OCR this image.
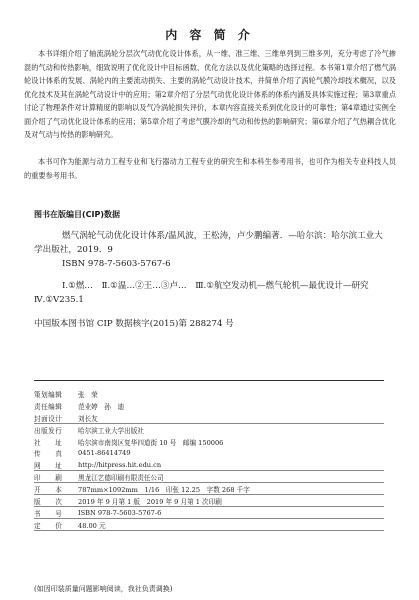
内 容 简 介
本书详细介绍了轴流涡轮分层次气动优化设计体系，从一维、准三维、三维单列到三维多列，充分考虑了冷气掺混的气动和传热影响，细致说明了优化设计中目标函数、优化方法以及优化策略的选择过程。本书第1章介绍了燃气涡轮设计体系的发展、涡轮内的主要流动损失、主要的涡轮气动设计技术，并简单介绍了涡轮气膜冷却技术概况，以及优化技术及其在涡轮气动设计中的应用；第2章介绍了分层气动优化设计体系的体系内涵及具体实施过程；第3章重点讨论了物理条件对计算精度的影响以及气冷涡轮损失评价，本章内容直接关系到优化设计的可靠性；第4章通过实例全面介绍了气动优化设计体系的应用；第5章介绍了考虑气膜冷却的气动和传热的影响研究；第6章介绍了气热耦合优化及对气动与传热的影响研究。
本书可作为能源与动力工程专业和飞行器动力工程专业的研究生和本科生参考用书，也可作为相关专业科技人员的重要参考用书。
图书在版编目(CIP)数据
燃气涡轮气动优化设计体系/温风波，王松涛，卢少鹏编著．—哈尔滨：哈尔滨工业大学出版社，2019．9
ISBN 978-7-5603-5767-6
Ⅰ.①燃…　Ⅱ.①温…②王…③卢…　Ⅲ.①航空发动机—燃气轮机—最优设计—研究　Ⅳ.①V235.1
中国版本图书馆 CIP 数据核字(2015)第 288274 号
策划编辑	张　荣
责任编辑	范业婷　孙　迪
封面设计	刘长友
出版发行	哈尔滨工业大学出版社
社　　址	哈尔滨市南岗区复华四道街 10 号　邮编 150006
传　　真	0451-86414749
网　　址	http://hitpress.hit.edu.cn
印　　刷	黑龙江艺德印刷有限责任公司
开　　本	787mm×1092mm　1/16　印张 12.25　字数 268 千字
版　　次	2019 年 9 月第 1 版　2019 年 9 月第 1 次印刷
书　　号	ISBN 978-7-5603-5767-6
定　　价	48.00 元
(如因印装质量问题影响阅读，我社负责调换)
